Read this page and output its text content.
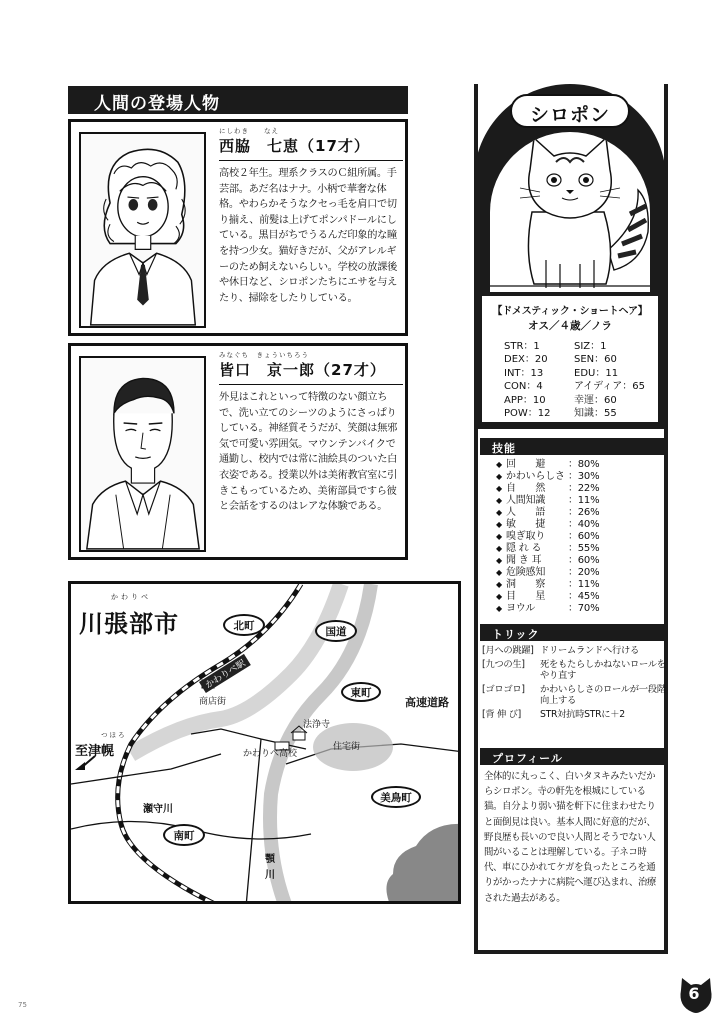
人間の登場人物
にしわき　　なえ
西脇　七恵（17才）
高校２年生。理系クラスのＣ組所属。手芸部。あだ名はナナ。小柄で華奢な体格。やわらかそうなクセっ毛を肩口で切り揃え、前髪は上げてポンパドールにしている。黒目がちでうるんだ印象的な瞳を持つ少女。猫好きだが、父がアレルギーのため飼えないらしい。学校の放課後や休日など、シロポンたちにエサを与えたり、掃除をしたりしている。
みなぐち　きょういちろう
皆口　京一郎（27才）
外見はこれといって特徴のない顔立ちで、洗い立てのシーツのようにさっぱりしている。神経質そうだが、笑顔は無邪気で可愛い雰囲気。マウンテンバイクで通勤し、校内では常に油絵具のついた白衣姿である。授業以外は美術教官室に引きこもっているため、美術部員ですら彼と会話をするのはレアな体験である。
かわりべ
川張部市	北町	国道
かわりべ駅
商店街
法浄寺
住宅街
かわりべ高校
東町
高速道路
つほろ
至津幌
瀬守川
南町
美鳥町
顎
川
シロポン
【ドメスティック・ショートヘア】
オス／４歳／ノラ
STR：1	SIZ：1
DEX：20	SEN：60
INT：13	EDU：11
CON：4	アイディア：65
APP：10	幸運：60
POW：12	知識：55
技能
◆ 回　　避 ：80%
◆ かわいらしさ ：30%
◆ 自　　然 ：22%
◆ 人間知識 ：11%
◆ 人　　語 ：26%
◆ 敏　　捷 ：40%
◆ 嗅ぎ取り ：60%
◆ 隠 れ る	：55%
◆ 聞 き 耳	：60%
◆ 危険感知 ：20%
◆ 洞　　察 ：11%
◆ 目　　星 ：45%
◆ ヨウル	：70%
トリック
[月への跳躍] ドリームランドへ行ける
[九つの生]	死をもたらしかねないロールをやり直す
[ゴロゴロ]	かわいらしさのロールが一段階向上する
[背 伸 び]	STR対抗時STRに＋2
プロフィール
全体的に丸っこく、白いタヌキみたいだからシロポン。寺の軒先を根城にしている猫。自分より弱い猫を軒下に住まわせたりと面倒見は良い。基本人間に好意的だが、野良歴も長いので良い人間とそうでない人間がいることは理解している。子ネコ時代、車にひかれてケガを負ったところを通りがかったナナに病院へ運び込まれ、治療された過去がある。
75
6
